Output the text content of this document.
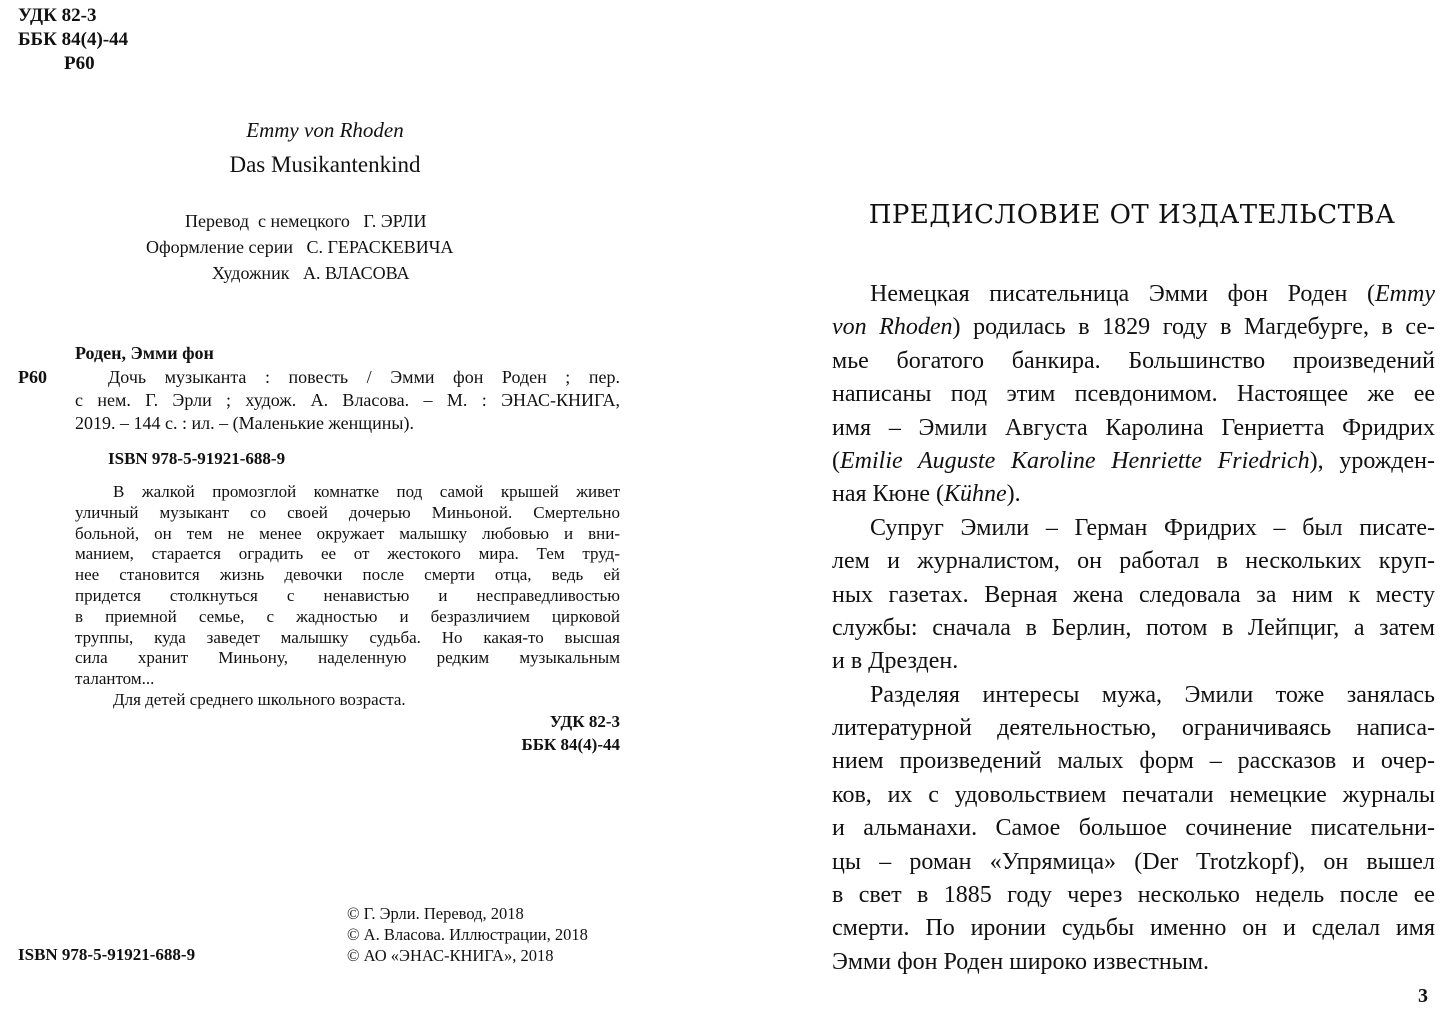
УДК 82-3
ББК 84(4)-44
Р60
Emmy von Rhoden
Das Musikantenkind
Перевод  с немецкого   Г. ЭРЛИ
Оформление серии   С. ГЕРАСКЕВИЧА
Художник   А. ВЛАСОВА
Роден, Эмми фон
Р60	Дочь музыканта : повесть / Эмми фон Роден ; пер.
с нем. Г. Эрли ; худож. А. Власова. – М. : ЭНАС-КНИГА,
2019. – 144 с. : ил. – (Маленькие женщины).
ISBN 978-5-91921-688-9
В жалкой промозглой комнатке под самой крышей живет
уличный музыкант со своей дочерью Миньоной. Смертельно
больной, он тем не менее окружает малышку любовью и вни-
манием, старается оградить ее от жестокого мира. Тем труд-
нее становится жизнь девочки после смерти отца, ведь ей
придется столкнуться с ненавистью и несправедливостью
в приемной семье, с жадностью и безразличием цирковой
труппы, куда заведет малышку судьба. Но какая-то высшая
сила хранит Миньону, наделенную редким музыкальным
талантом...
Для детей среднего школьного возраста.
УДК 82-3
ББК 84(4)-44
© Г. Эрли. Перевод, 2018
© А. Власова. Иллюстрации, 2018
© АО «ЭНАС-КНИГА», 2018
ISBN 978-5-91921-688-9
ПРЕДИСЛОВИЕ ОТ ИЗДАТЕЛЬСТВА
Немецкая писательница Эмми фон Роден (Emmy
von Rhoden) родилась в 1829 году в Магдебурге, в се-
мье богатого банкира. Большинство произведений
написаны под этим псевдонимом. Настоящее же ее
имя – Эмили Августа Каролина Генриетта Фридрих
(Emilie Auguste Karoline Henriette Friedrich), урожден-
ная Кюне (Kühne).
Супруг Эмили – Герман Фридрих – был писате-
лем и журналистом, он работал в нескольких круп-
ных газетах. Верная жена следовала за ним к месту
службы: сначала в Берлин, потом в Лейпциг, а затем
и в Дрезден.
Разделяя интересы мужа, Эмили тоже занялась
литературной деятельностью, ограничиваясь написа-
нием произведений малых форм – рассказов и очер-
ков, их с удовольствием печатали немецкие журналы
и альманахи. Самое большое сочинение писательни-
цы – роман «Упрямица» (Der Trotzkopf), он вышел
в свет в 1885 году через несколько недель после ее
смерти. По иронии судьбы именно он и сделал имя
Эмми фон Роден широко известным.
3
